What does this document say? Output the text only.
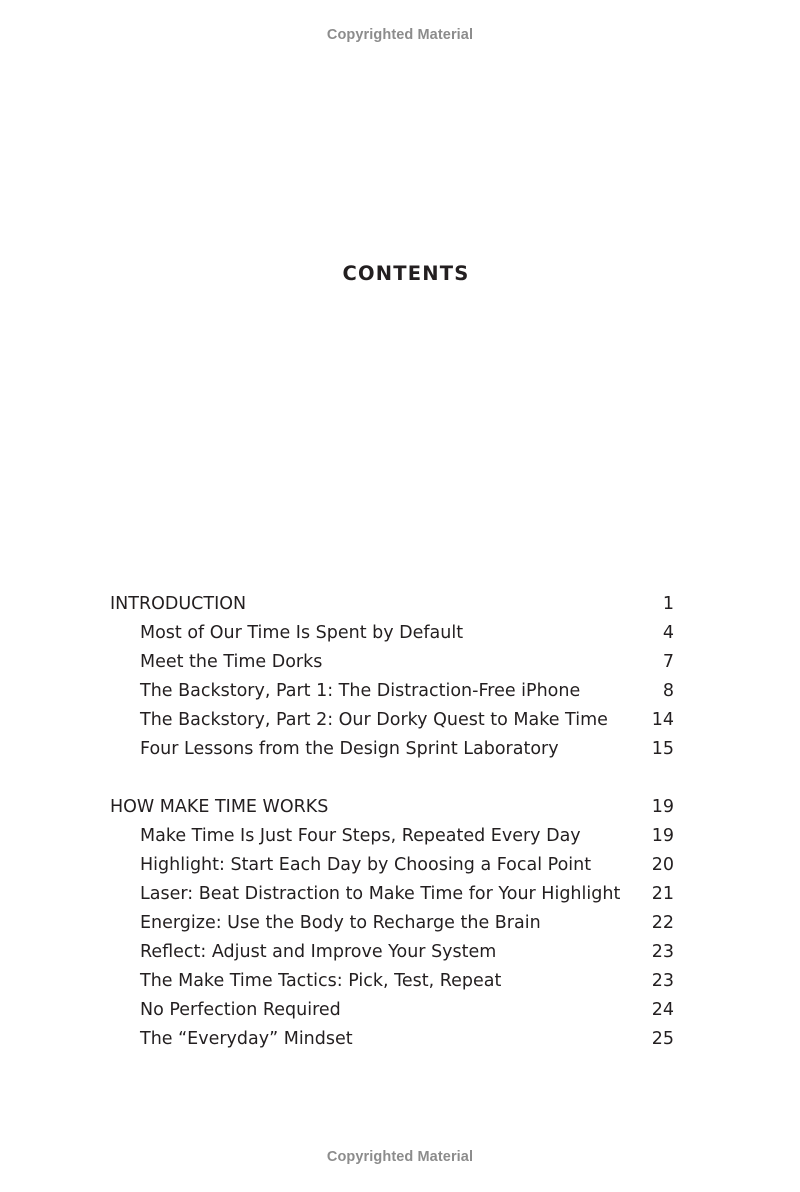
Copyrighted Material
CONTENTS
INTRODUCTION	1
Most of Our Time Is Spent by Default	4
Meet the Time Dorks	7
The Backstory, Part 1: The Distraction-Free iPhone	8
The Backstory, Part 2: Our Dorky Quest to Make Time	14
Four Lessons from the Design Sprint Laboratory	15
HOW MAKE TIME WORKS	19
Make Time Is Just Four Steps, Repeated Every Day	19
Highlight: Start Each Day by Choosing a Focal Point	20
Laser: Beat Distraction to Make Time for Your Highlight 21
Energize: Use the Body to Recharge the Brain	22
Reflect: Adjust and Improve Your System	23
The Make Time Tactics: Pick, Test, Repeat	23
No Perfection Required	24
The “Everyday” Mindset	25
Copyrighted Material
